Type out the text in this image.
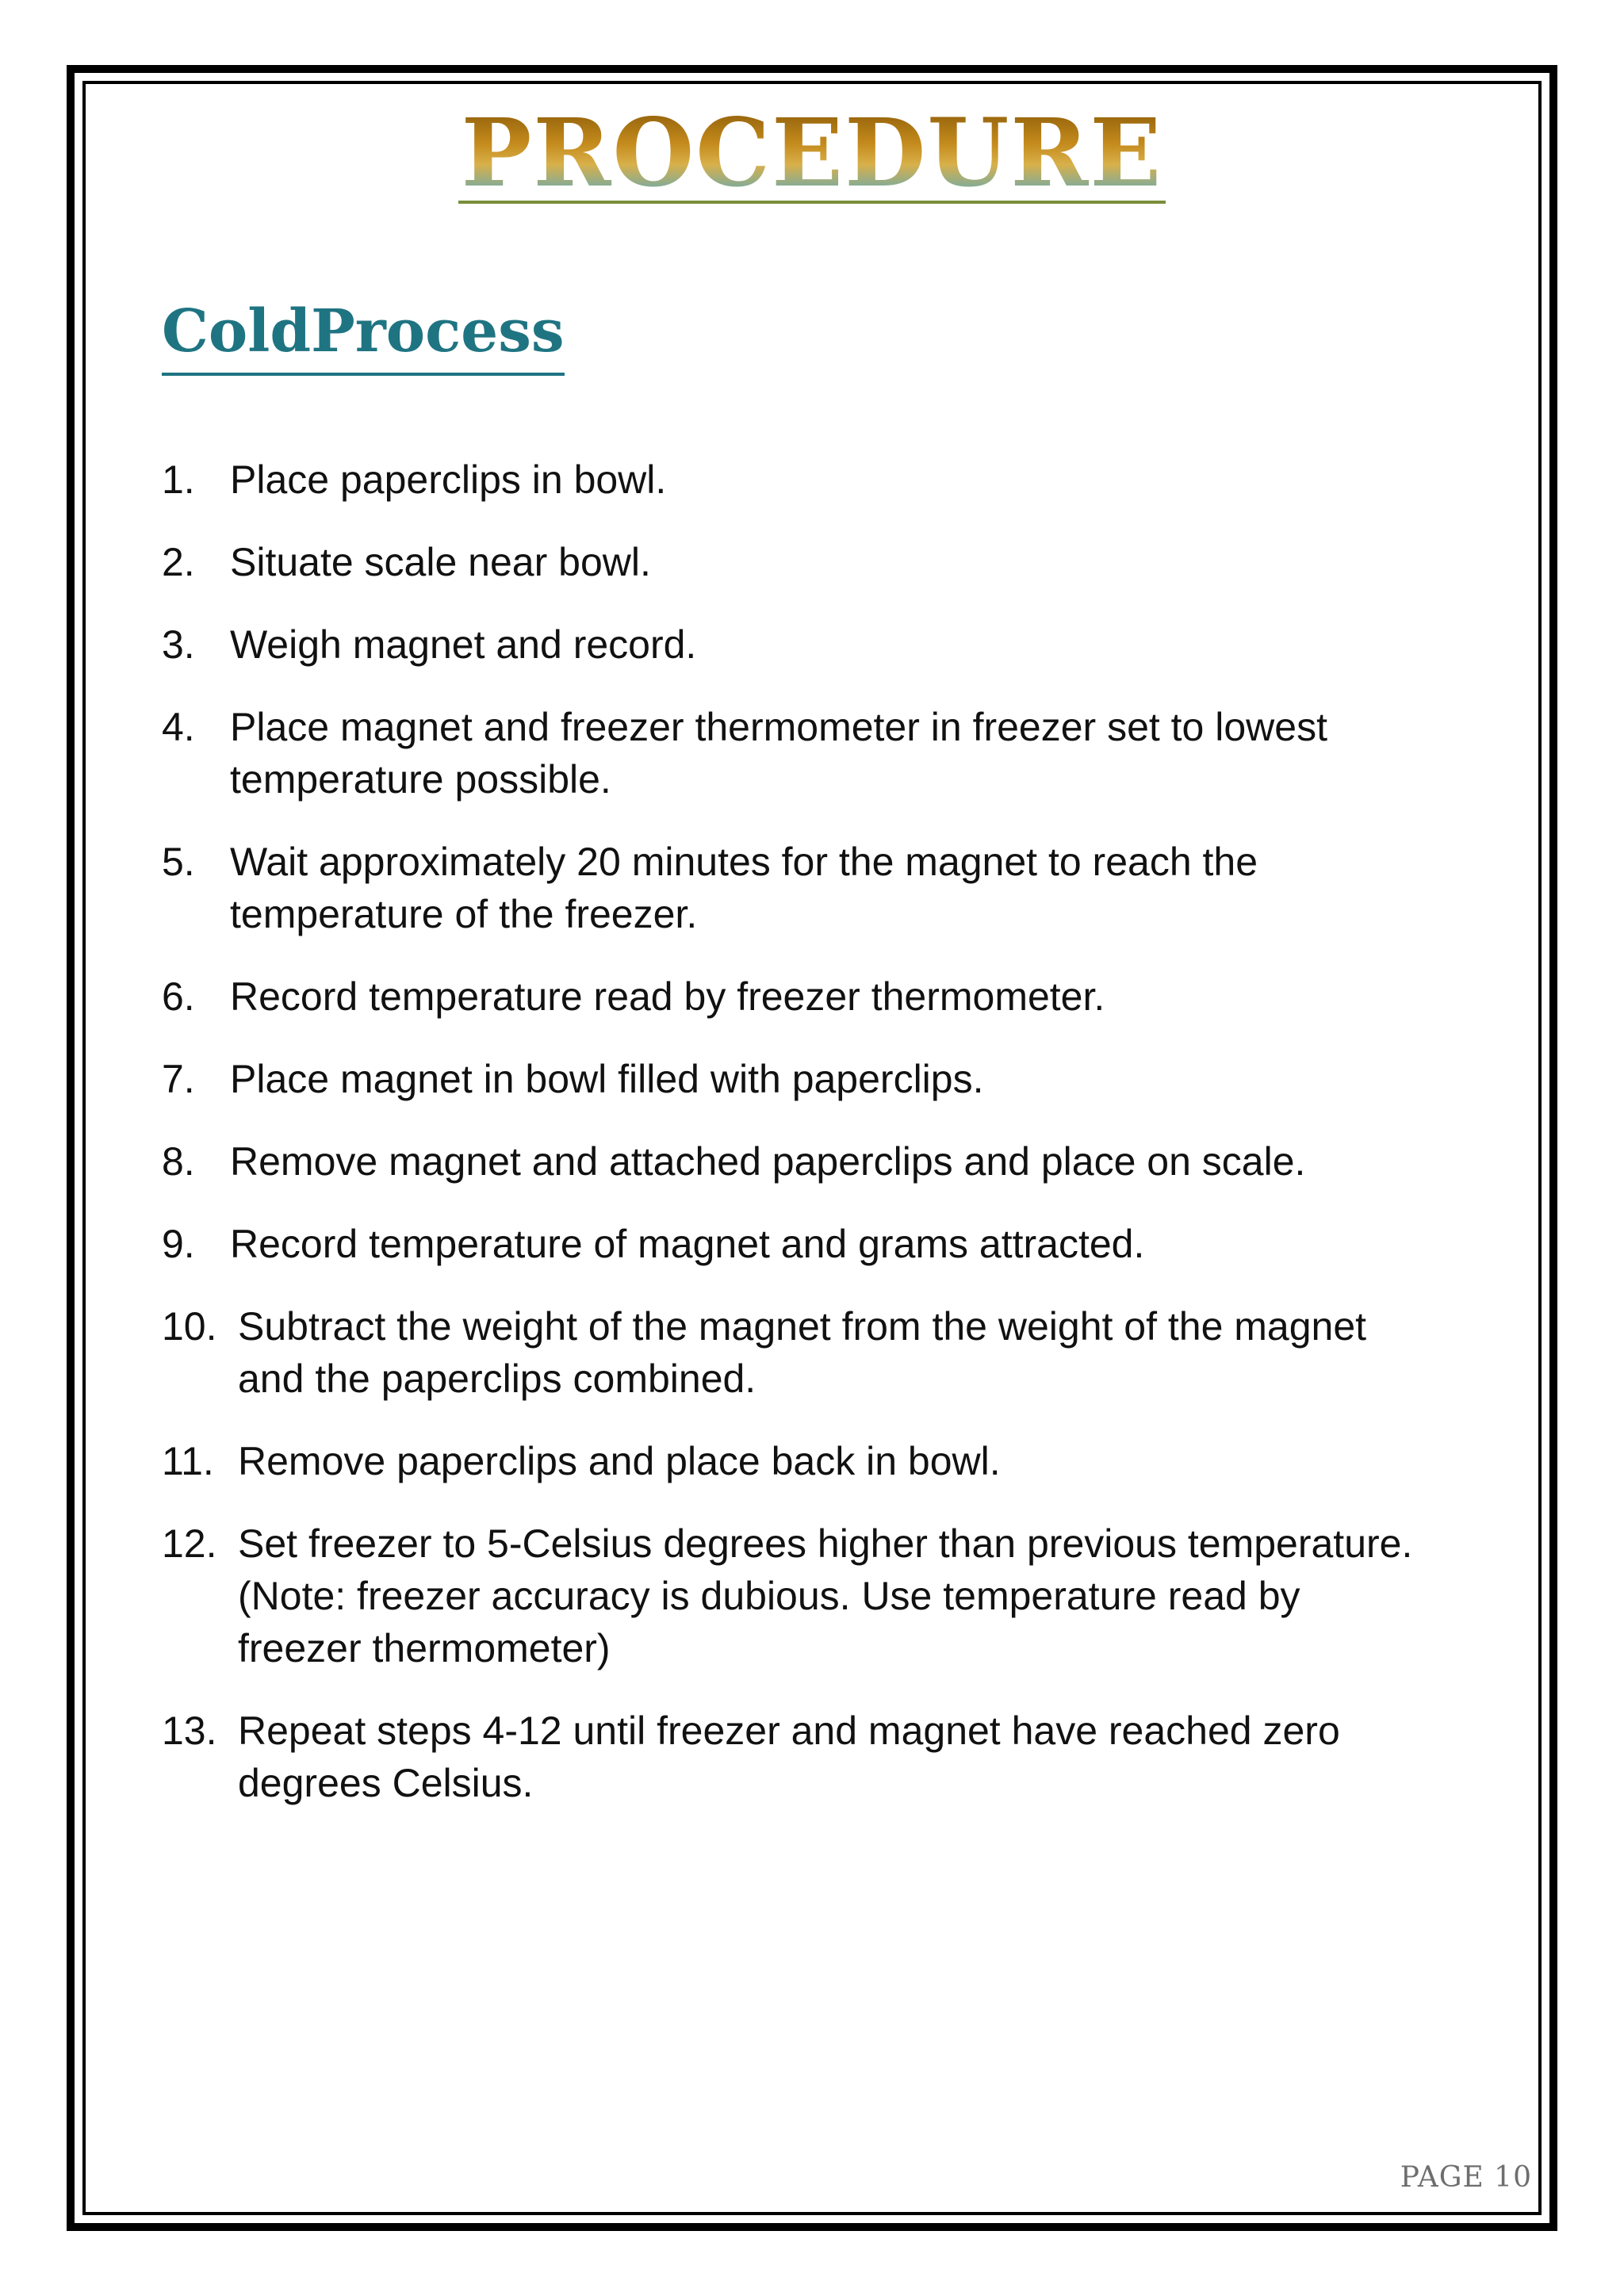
PROCEDURE
ColdProcess
1. Place paperclips in bowl.
2. Situate scale near bowl.
3. Weigh magnet and record.
4. Place magnet and freezer thermometer in freezer set to lowest temperature possible.
5. Wait approximately 20 minutes for the magnet to reach the temperature of the freezer.
6. Record temperature read by freezer thermometer.
7. Place magnet in bowl filled with paperclips.
8. Remove magnet and attached paperclips and place on scale.
9. Record temperature of magnet and grams attracted.
10. Subtract the weight of the magnet from the weight of the magnet and the paperclips combined.
11. Remove paperclips and place back in bowl.
12. Set freezer to 5-Celsius degrees higher than previous temperature. (Note: freezer accuracy is dubious. Use temperature read by freezer thermometer)
13. Repeat steps 4-12 until freezer and magnet have reached zero degrees Celsius.
PAGE 10
